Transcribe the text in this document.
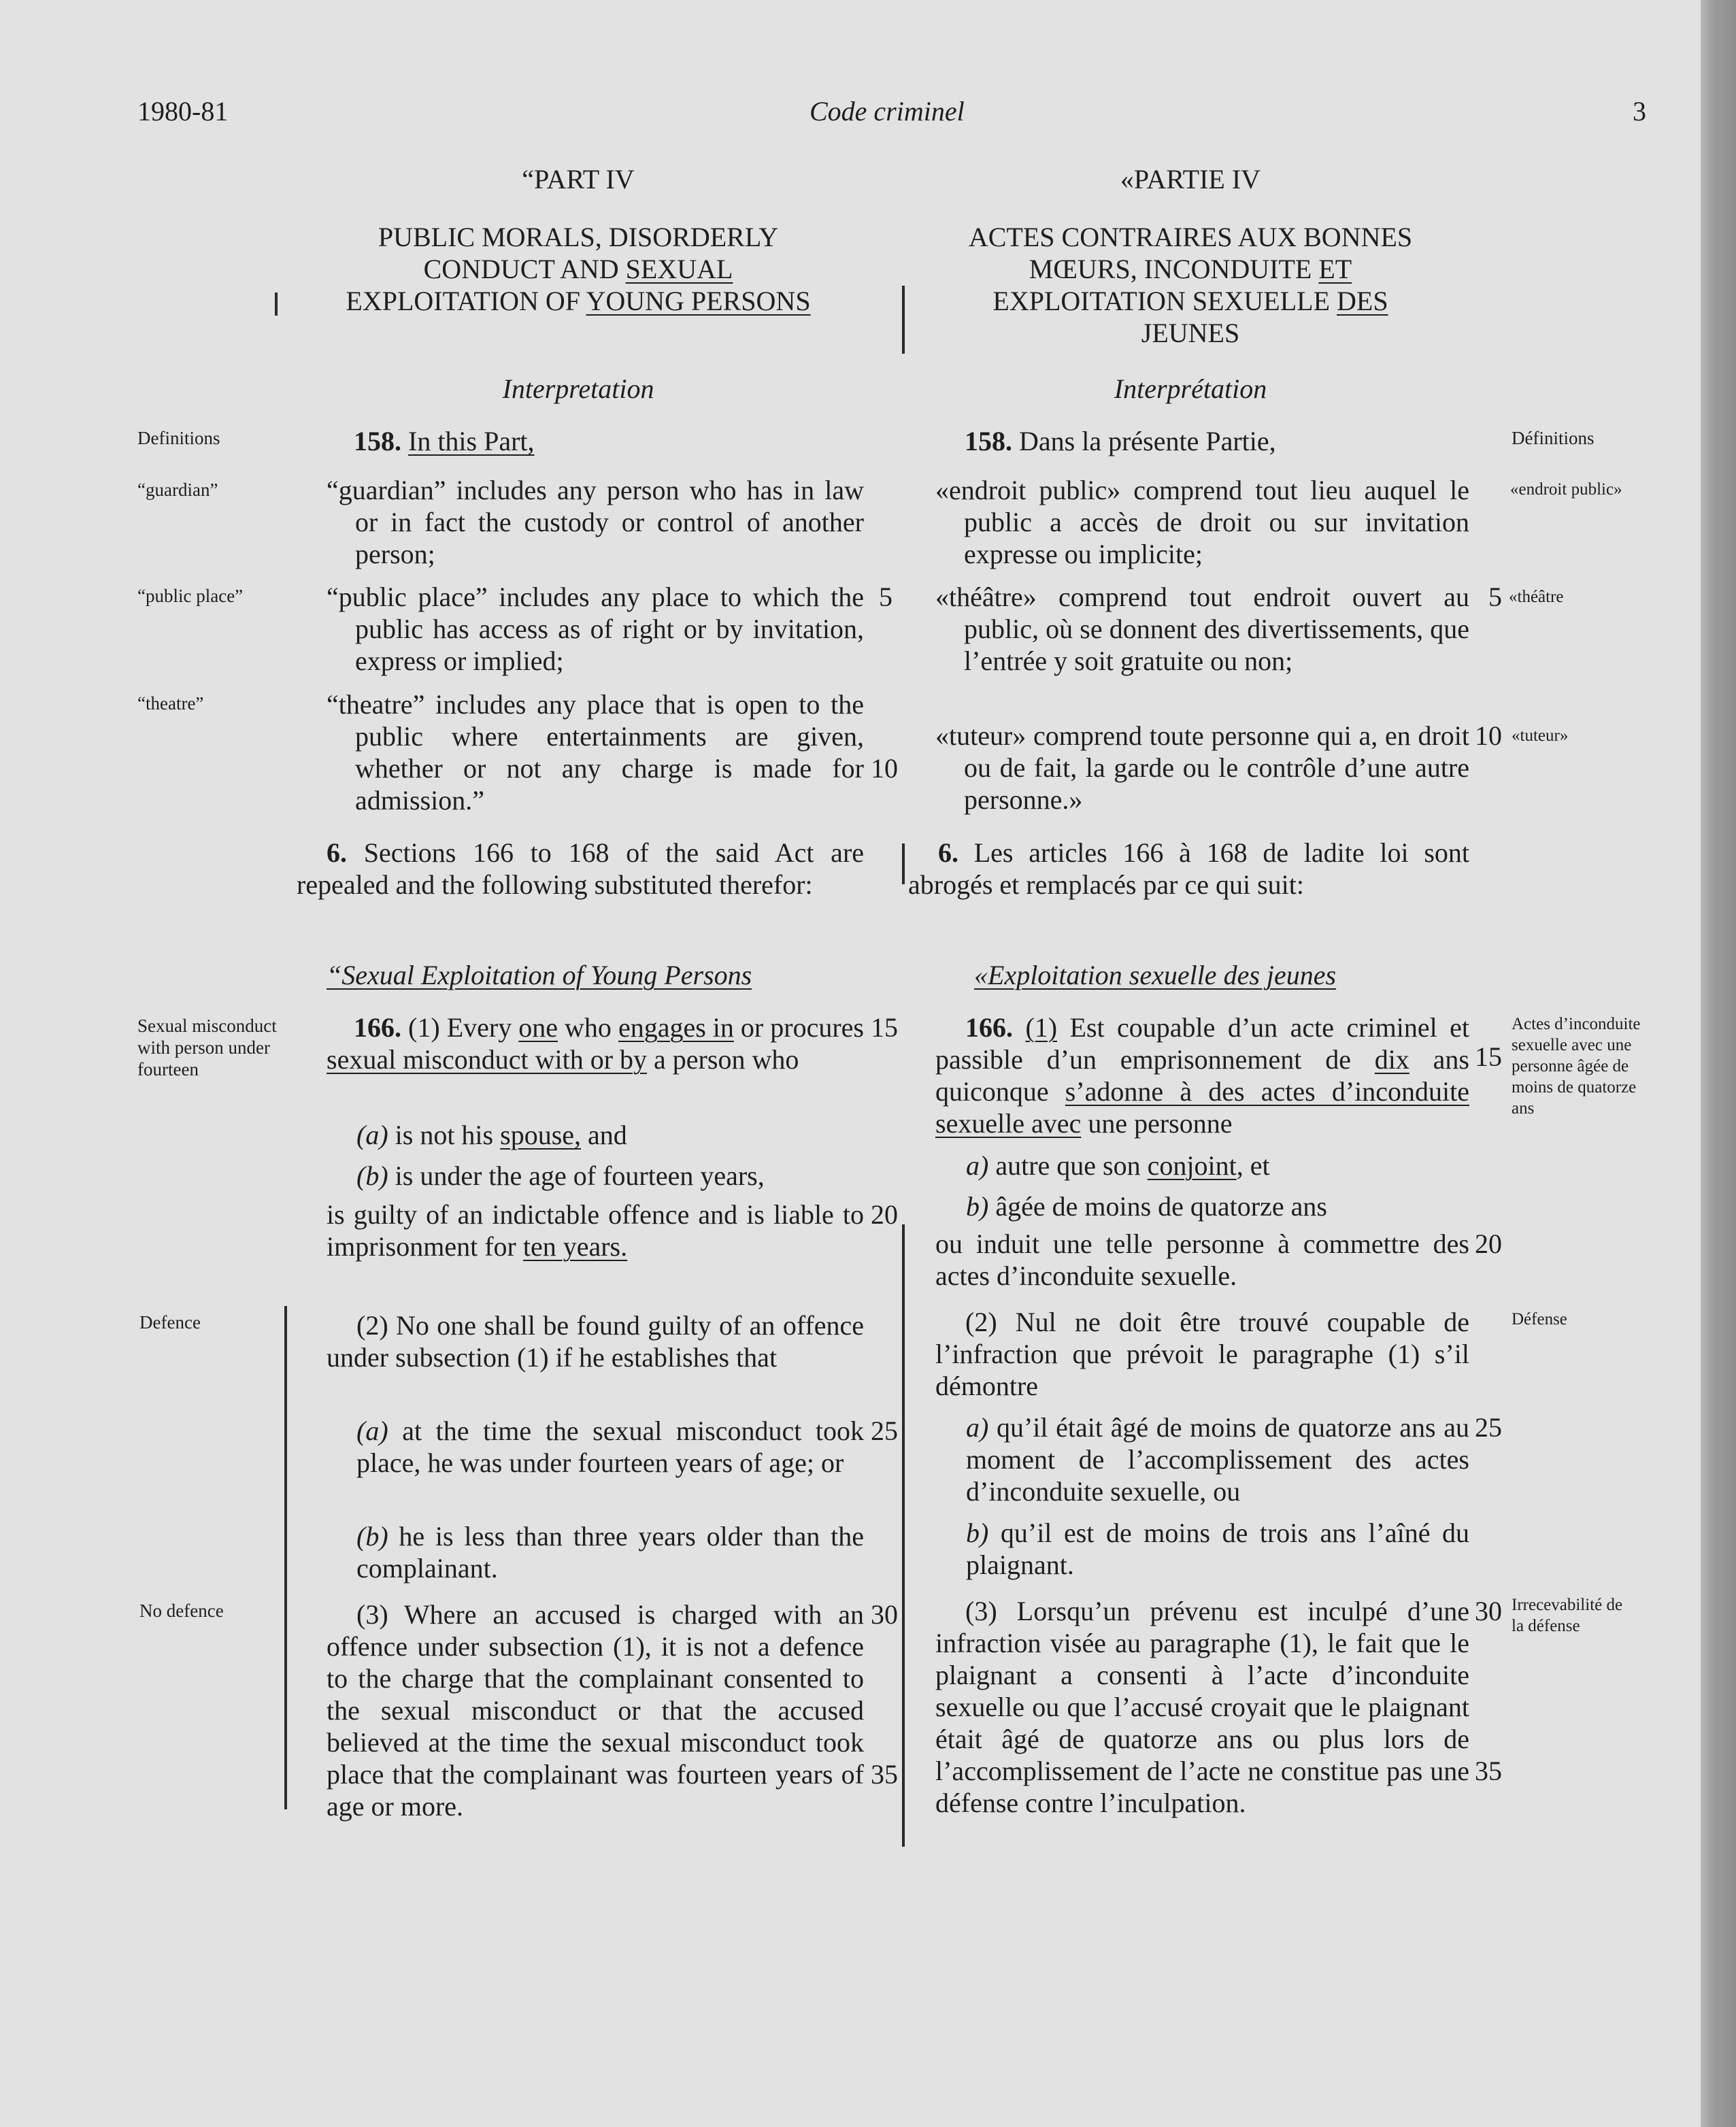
1980-81	Code criminel	3
“PART IV
PUBLIC MORALS, DISORDERLY
CONDUCT AND SEXUAL
EXPLOITATION OF YOUNG PERSONS
Interpretation
158. In this Part,
“guardian” includes any person who has in law or in fact the custody or control of another person;
“public place” includes any place to which the public has access as of right or by invitation, express or implied;
“theatre” includes any place that is open to the public where entertainments are given, whether or not any charge is made for admission.”
6. Sections 166 to 168 of the said Act are repealed and the following substituted therefor:
“Sexual Exploitation of Young Persons
166. (1) Every one who engages in or procures sexual misconduct with or by a person who
(a) is not his spouse, and
(b) is under the age of fourteen years,
is guilty of an indictable offence and is liable to imprisonment for ten years.
(2) No one shall be found guilty of an offence under subsection (1) if he establishes that
(a) at the time the sexual misconduct took place, he was under fourteen years of age; or
(b) he is less than three years older than the complainant.
(3) Where an accused is charged with an offence under subsection (1), it is not a defence to the charge that the complainant consented to the sexual misconduct or that the accused believed at the time the sexual misconduct took place that the complainant was fourteen years of age or more.
5
10
15
20
25
30
35
Definitions
“guardian”
“public place”
“theatre”
Sexual misconduct with person under fourteen
Defence
No defence
«PARTIE IV
ACTES CONTRAIRES AUX BONNES
MŒURS, INCONDUITE ET
EXPLOITATION SEXUELLE DES
JEUNES
Interprétation
158. Dans la présente Partie,
«endroit public» comprend tout lieu auquel le public a accès de droit ou sur invitation expresse ou implicite;
«théâtre» comprend tout endroit ouvert au public, où se donnent des divertissements, que l’entrée y soit gratuite ou non;
«tuteur» comprend toute personne qui a, en droit ou de fait, la garde ou le contrôle d’une autre personne.»
6. Les articles 166 à 168 de ladite loi sont abrogés et remplacés par ce qui suit:
«Exploitation sexuelle des jeunes
166. (1) Est coupable d’un acte criminel et passible d’un emprisonnement de dix ans quiconque s’adonne à des actes d’inconduite sexuelle avec une personne
a) autre que son conjoint, et
b) âgée de moins de quatorze ans
ou induit une telle personne à commettre des actes d’inconduite sexuelle.
(2) Nul ne doit être trouvé coupable de l’infraction que prévoit le paragraphe (1) s’il démontre
a) qu’il était âgé de moins de quatorze ans au moment de l’accomplissement des actes d’inconduite sexuelle, ou
b) qu’il est de moins de trois ans l’aîné du plaignant.
(3) Lorsqu’un prévenu est inculpé d’une infraction visée au paragraphe (1), le fait que le plaignant a consenti à l’acte d’inconduite sexuelle ou que l’accusé croyait que le plaignant était âgé de quatorze ans ou plus lors de l’accomplissement de l’acte ne constitue pas une défense contre l’inculpation.
5
10
15
20
25
30
35
Définitions
«endroit public»
«théâtre
«tuteur»
Actes d’inconduite sexuelle avec une personne âgée de moins de quatorze ans
Défense
Irrecevabilité de la défense
